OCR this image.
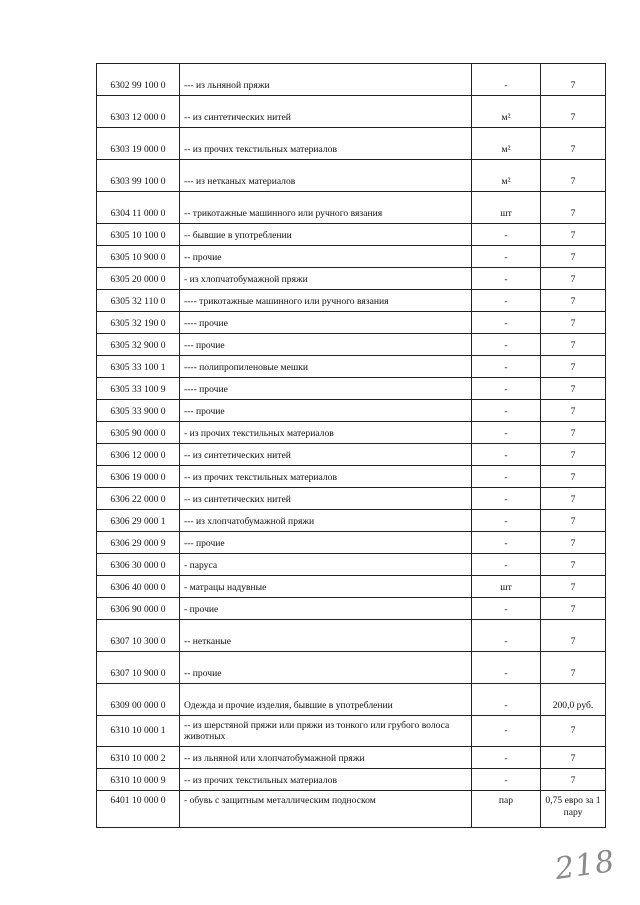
6302 99 100 0	--- из льняной пряжи	-	7
6303 12 000 0	-- из синтетических нитей	м²	7
6303 19 000 0	-- из прочих текстильных материалов	м²	7
6303 99 100 0	--- из нетканых материалов	м²	7
6304 11 000 0	-- трикотажные машинного или ручного вязания	шт	7
6305 10 100 0	-- бывшие в употреблении	-	7
6305 10 900 0	-- прочие	-	7
6305 20 000 0	- из хлопчатобумажной пряжи	-	7
6305 32 110 0	---- трикотажные машинного или ручного вязания	-	7
6305 32 190 0	---- прочие	-	7
6305 32 900 0	--- прочие	-	7
6305 33 100 1	---- полипропиленовые мешки	-	7
6305 33 100 9	---- прочие	-	7
6305 33 900 0	--- прочие	-	7
6305 90 000 0	- из прочих текстильных материалов	-	7
6306 12 000 0	-- из синтетических нитей	-	7
6306 19 000 0	-- из прочих текстильных материалов	-	7
6306 22 000 0	-- из синтетических нитей	-	7
6306 29 000 1	--- из хлопчатобумажной пряжи	-	7
6306 29 000 9	--- прочие	-	7
6306 30 000 0	- паруса	-	7
6306 40 000 0	- матрацы надувные	шт	7
6306 90 000 0	- прочие	-	7
6307 10 300 0	-- нетканые	-	7
6307 10 900 0	-- прочие	-	7
6309 00 000 0	Одежда и прочие изделия, бывшие в употреблении	-	200,0 руб.
6310 10 000 1	-- из шерстяной пряжи или пряжи из тонкого или грубого волоса животных	-	7
6310 10 000 2	-- из льняной или хлопчатобумажной пряжи	-	7
6310 10 000 9	-- из прочих текстильных материалов	-	7
6401 10 000 0	- обувь с защитным металлическим подноском	пар	0,75 евро за 1 пару
218
